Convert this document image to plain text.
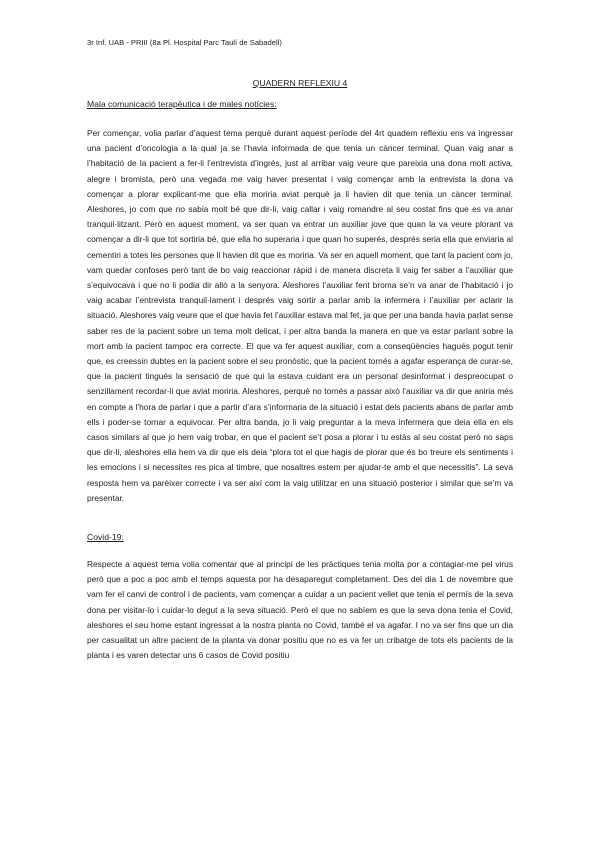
3r Inf. UAB - PRIII (8a Pl. Hospital Parc Taulí de Sabadell)
QUADERN REFLEXIU 4
Mala comunicació terapèutica i de males notícies:

Per començar, volia parlar d’aquest tema perquè durant aquest període del 4rt quadem reflexiu ens va ingressar una pacient d’oncologia a la qual ja se l’havia informada de que tenia un càncer terminal. Quan vaig anar a l’habitació de la pacient a fer-li l’entrevista d’ingrés, just al arribar vaig veure que pareixia una dona molt activa, alegre i bromista, però una vegada me vaig haver presentat i vaig començar amb la entrevista la dona va començar a plorar explicant-me que ella moriria aviat perquè ja li havien dit que tenia un càncer terminal. Aleshores, jo com que no sabia molt bé que dir-li, vaig callar i vaig romandre al seu costat fins que es va anar tranquil·litzant. Però en aquest moment, va ser quan va entrar un auxiliar jove que quan la va veure plorant va començar a dir-li que tot sortiria bé, que ella ho superaria i que quan ho superés, després seria ella que enviaria al cementiri a totes les persones que li havien dit que es moriria. Va ser en aquell moment, que tant la pacient com jo, vam quedar confoses però tant de bo vaig reaccionar ràpid i de manera discreta li vaig fer saber a l’auxiliar que s’equivocava i que no li podia dir allò a la senyora. Aleshores l’auxiliar fent broma se’n va anar de l’habitació i jo vaig acabar l’entrevista tranquil·lament i després vaig sortir a parlar amb la infermera i l’auxiliar per aclarir la situació. Aleshores vaig veure que el que havia fet l’auxiliar estava mal fet, ja que per una banda havia parlat sense saber res de la pacient sobre un tema molt delicat, i per altra banda la manera en que va estar parlant sobre la mort amb la pacient tampoc era correcte. El que va fer aquest auxiliar, com a conseqüències hagués pogut tenir que, es creessin dubtes en la pacient sobre el seu pronòstic, que la pacient tornés a agafar esperança de curar-se, que la pacient tingués la sensació de que qui la estava cuidant era un personal desinformat i despreocupat o senzillament recordar-li que aviat moriria. Aleshores, perquè no tornés a passar això l’auxiliar va dir que aniria més en compte a l’hora de parlar i que a partir d’ara s’informaria de la situació i estat dels pacients abans de parlar amb ells i poder-se tornar a equivocar. Per altra banda, jo li vaig preguntar a la meva infermera que deia ella en els casos similars al que jo hem vaig trobar, en que el pacient se’t posa a plorar i tu estàs al seu costat però no saps que dir-li, aleshores ella hem va dir que els deia “plora tot el que hagis de plorar que és bo treure els sentiments i les emocions i si necessites res pica al timbre, que nosaltres estem per ajudar-te amb el que necessitis”. La seva resposta hem va parèixer correcte i va ser així com la vaig utilitzar en una situació posterior i similar que se’m va presentar.

Covid-19:

Respecte a aquest tema volia comentar que al principi de les pràctiques tenia molta por a contagiar-me pel virus però que a poc a poc amb el temps aquesta por ha desaparegut completament. Des del dia 1 de novembre que vam fer el canvi de control i de pacients, vam començar a cuidar a un pacient vellet que tenia el permís de la seva dona per visitar-lo i cuidar-lo degut a la seva situació. Però el que no sabíem es que la seva dona tenia el Covid, aleshores el seu home estant ingressat a la nostra planta no Covid, també el va agafar. I no va ser fins que un dia per casualitat un altre pacient de la planta va donar positiu que no es va fer un cribatge de tots els pacients de la planta i es varen detectar uns 6 casos de Covid positiu
